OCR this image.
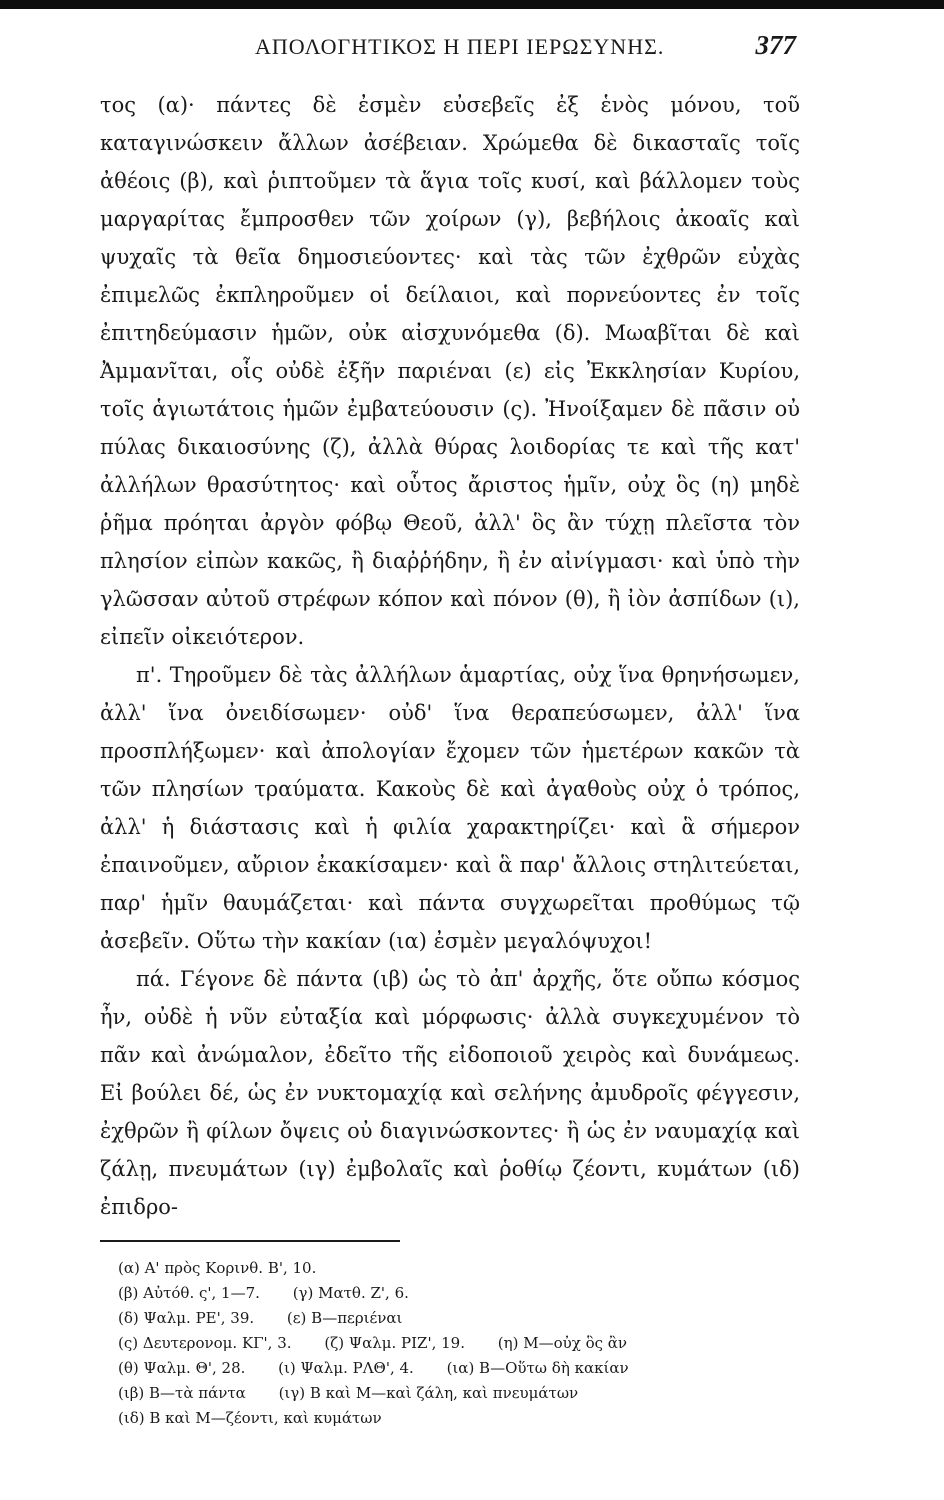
ΑΠΟΛΟΓΗΤΙΚΟΣ Η ΠΕΡΙ ΙΕΡΩΣΥΝΗΣ.	377

τος (α)· πάντες δὲ ἐσμὲν εὐσεβεῖς ἐξ ἑνὸς μόνου, τοῦ καταγινώσκειν ἄλλων ἀσέβειαν. Χρώμεθα δὲ δικασταῖς τοῖς ἀθέοις (β), καὶ ῥιπτοῦμεν τὰ ἅγια τοῖς κυσί, καὶ βάλλομεν τοὺς μαργαρίτας ἔμπροσθεν τῶν χοίρων (γ), βεβήλοις ἀκοαῖς καὶ ψυχαῖς τὰ θεῖα δημοσιεύοντες· καὶ τὰς τῶν ἐχθρῶν εὐχὰς ἐπιμελῶς ἐκπληροῦμεν οἱ δείλαιοι, καὶ πορνεύοντες ἐν τοῖς ἐπιτηδεύμασιν ἡμῶν, οὐκ αἰσχυνόμεθα (δ). Μωαβῖται δὲ καὶ Ἀμμανῖται, οἷς οὐδὲ ἐξῆν παριέναι (ε) εἰς Ἐκκλησίαν Κυρίου, τοῖς ἁγιωτάτοις ἡμῶν ἐμβατεύουσιν (ς). Ἠνοίξαμεν δὲ πᾶσιν οὐ πύλας δικαιοσύνης (ζ), ἀλλὰ θύρας λοιδορίας τε καὶ τῆς κατ' ἀλλήλων θρασύτητος· καὶ οὗτος ἄριστος ἡμῖν, οὐχ ὃς (η) μηδὲ ῥῆμα πρόηται ἀργὸν φόβῳ Θεοῦ, ἀλλ' ὃς ἂν τύχῃ πλεῖστα τὸν πλησίον εἰπὼν κακῶς, ἢ διαῤῥήδην, ἢ ἐν αἰνίγμασι· καὶ ὑπὸ τὴν γλῶσσαν αὐτοῦ στρέφων κόπον καὶ πόνον (θ), ἢ ἰὸν ἀσπίδων (ι), εἰπεῖν οἰκειότερον.

π'. Τηροῦμεν δὲ τὰς ἀλλήλων ἁμαρτίας, οὐχ ἵνα θρηνήσωμεν, ἀλλ' ἵνα ὀνειδίσωμεν· οὐδ' ἵνα θεραπεύσωμεν, ἀλλ' ἵνα προσπλήξωμεν· καὶ ἀπολογίαν ἔχομεν τῶν ἡμετέρων κακῶν τὰ τῶν πλησίων τραύματα. Κακοὺς δὲ καὶ ἀγαθοὺς οὐχ ὁ τρόπος, ἀλλ' ἡ διάστασις καὶ ἡ φιλία χαρακτηρίζει· καὶ ἃ σήμερον ἐπαινοῦμεν, αὔριον ἐκακίσαμεν· καὶ ἃ παρ' ἄλλοις στηλιτεύεται, παρ' ἡμῖν θαυμάζεται· καὶ πάντα συγχωρεῖται προθύμως τῷ ἀσεβεῖν. Οὕτω τὴν κακίαν (ια) ἐσμὲν μεγαλόψυχοι!

πά. Γέγονε δὲ πάντα (ιβ) ὡς τὸ ἀπ' ἀρχῆς, ὅτε οὔπω κόσμος ἦν, οὐδὲ ἡ νῦν εὐταξία καὶ μόρφωσις· ἀλλὰ συγκεχυμένον τὸ πᾶν καὶ ἀνώμαλον, ἐδεῖτο τῆς εἰδοποιοῦ χειρὸς καὶ δυνάμεως. Εἰ βούλει δέ, ὡς ἐν νυκτομαχίᾳ καὶ σελήνης ἀμυδροῖς φέγγεσιν, ἐχθρῶν ἢ φίλων ὄψεις οὐ διαγινώσκοντες· ἢ ὡς ἐν ναυμαχίᾳ καὶ ζάλῃ, πνευμάτων (ιγ) ἐμβολαῖς καὶ ῥοθίῳ ζέοντι, κυμάτων (ιδ) ἐπιδρο-

(α) Α' πρὸς Κορινθ. Β', 10.
(β) Αὐτόθ. ς', 1—7. (γ) Ματθ. Ζ', 6.
(δ) Ψαλμ. ΡΕ', 39. (ε) Β—περιέναι
(ς) Δευτερονομ. ΚΓ', 3. (ζ) Ψαλμ. ΡΙΖ', 19. (η) Μ—οὐχ ὃς ἂν
(θ) Ψαλμ. Θ', 28. (ι) Ψαλμ. ΡΛΘ', 4. (ια) Β—Οὕτω δὴ κακίαν
(ιβ) Β—τὰ πάντα (ιγ) Β καὶ Μ—καὶ ζάλη, καὶ πνευμάτων
(ιδ) Β καὶ Μ—ζέοντι, καὶ κυμάτων
